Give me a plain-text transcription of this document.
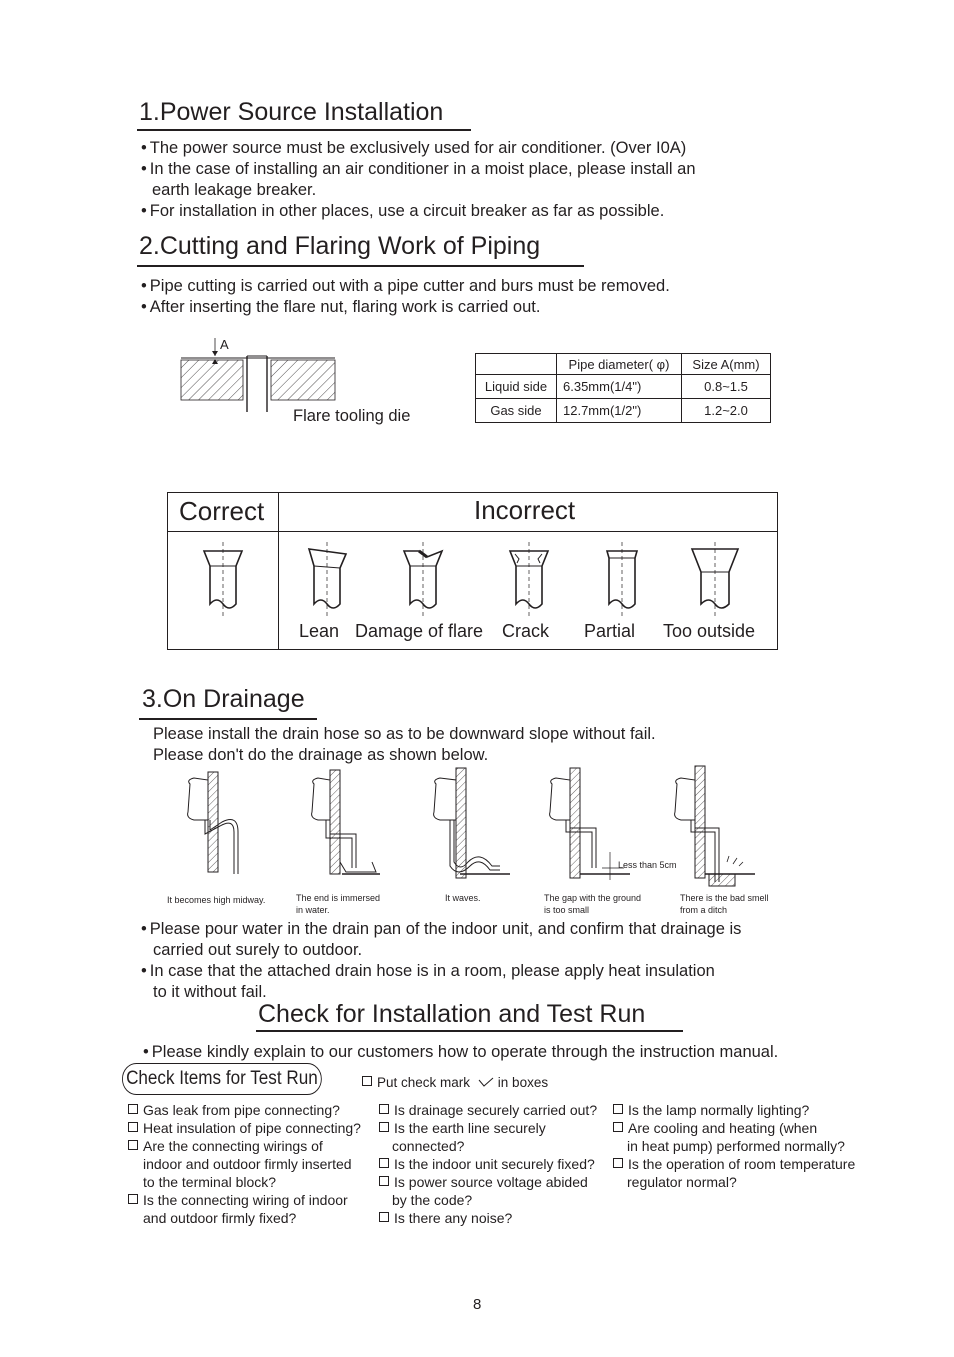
1.Power Source Installation
• The power source must be exclusively used for air conditioner. (Over I0A)
• In the case of installing an air conditioner in a moist place, please install an
earth leakage breaker.
• For installation in other places, use a circuit breaker as far as possible.
2.Cutting and Flaring Work of Piping
• Pipe cutting is carried out with a pipe cutter and burs must be removed.
• After inserting the flare nut, flaring work is carried out.
A
Flare tooling die
	Pipe diameter( φ)	Size A(mm)
Liquid side	6.35mm(1/4")	0.8~1.5
Gas side	12.7mm(1/2")	1.2~2.0
Correct	Incorrect
Lean Damage of flare Crack Partial Too outside
3.On Drainage
Please install the drain hose so as to be downward slope without fail.
Please don't do the drainage as shown below.
It becomes high midway.	The end is immersed
in water.
It waves.	The gap with the ground
is too small
There is the bad smell
from a ditch
Less than 5cm
• Please pour water in the drain pan of the indoor unit, and confirm that drainage is
carried out surely to outdoor.
• In case that the attached drain hose is in a room, please apply heat insulation
to it without fail.
Check for Installation and Test Run
• Please kindly explain to our customers how to operate through the instruction manual.
Check Items for Test Run	Put check mark in boxes
Gas leak from pipe connecting?
Heat insulation of pipe connecting?
Are the connecting wirings of
indoor and outdoor firmly inserted
to the terminal block?
Is the connecting wiring of indoor
and outdoor firmly fixed?
Is drainage securely carried out?
Is the earth line securely
connected?
Is the indoor unit securely fixed?
Is power source voltage abided
by the code?
Is there any noise?
Is the lamp normally lighting?
Are cooling and heating (when
in heat pump) performed normally?
Is the operation of room temperature
regulator normal?
8
